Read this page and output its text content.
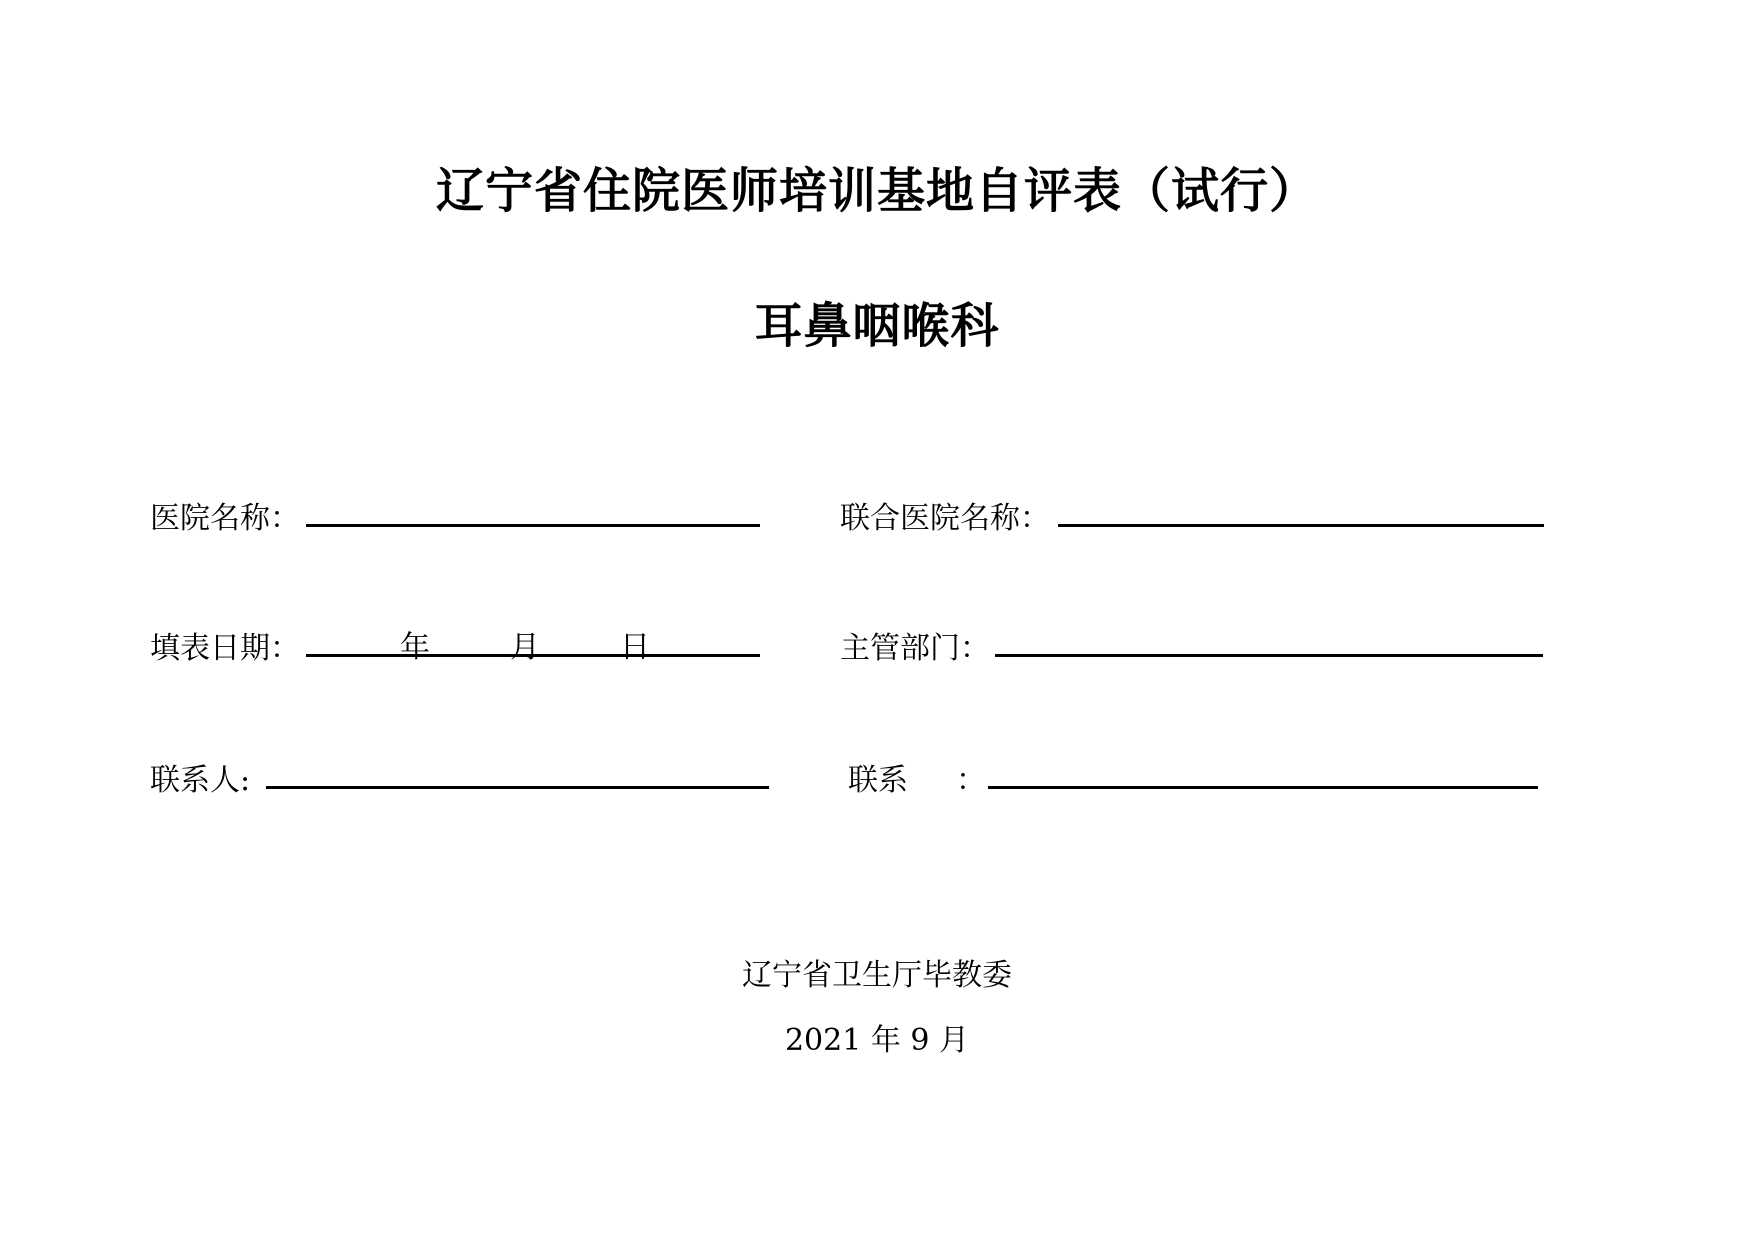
辽宁省住院医师培训基地自评表（试行）
耳鼻咽喉科
医院名称：	联合医院名称：
填表日期：	年	月	日	主管部门：
联系人:	联系 ：
辽宁省卫生厅毕教委
2021 年 9 月
